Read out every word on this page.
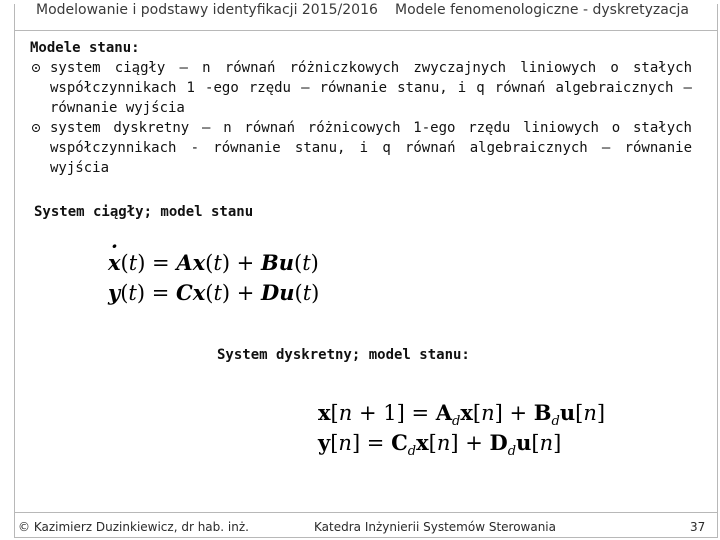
Modelowanie i podstawy identyfikacji 2015/2016 Modele fenomenologiczne - dyskretyzacja
Modele stanu:
system ciągły – n równań różniczkowych zwyczajnych liniowych o stałych współczynnikach 1 -ego rzędu – równanie stanu, i q równań algebraicznych – równanie wyjścia
system dyskretny – n równań różnicowych 1-ego rzędu liniowych o stałych współczynnikach - równanie stanu, i q równań algebraicznych – równanie wyjścia
System ciągły; model stanu
· x(t) = Ax(t) + Bu(t)
y(t) = Cx(t) + Du(t)
System dyskretny; model stanu:
$x[n + 1] = A_dx[n] + B_du[n]$
$y[n] = C_dx[n] + D_du[n]$
© Kazimierz Duzinkiewicz, dr hab. inż.	Katedra Inżynierii Systemów Sterowania	37
